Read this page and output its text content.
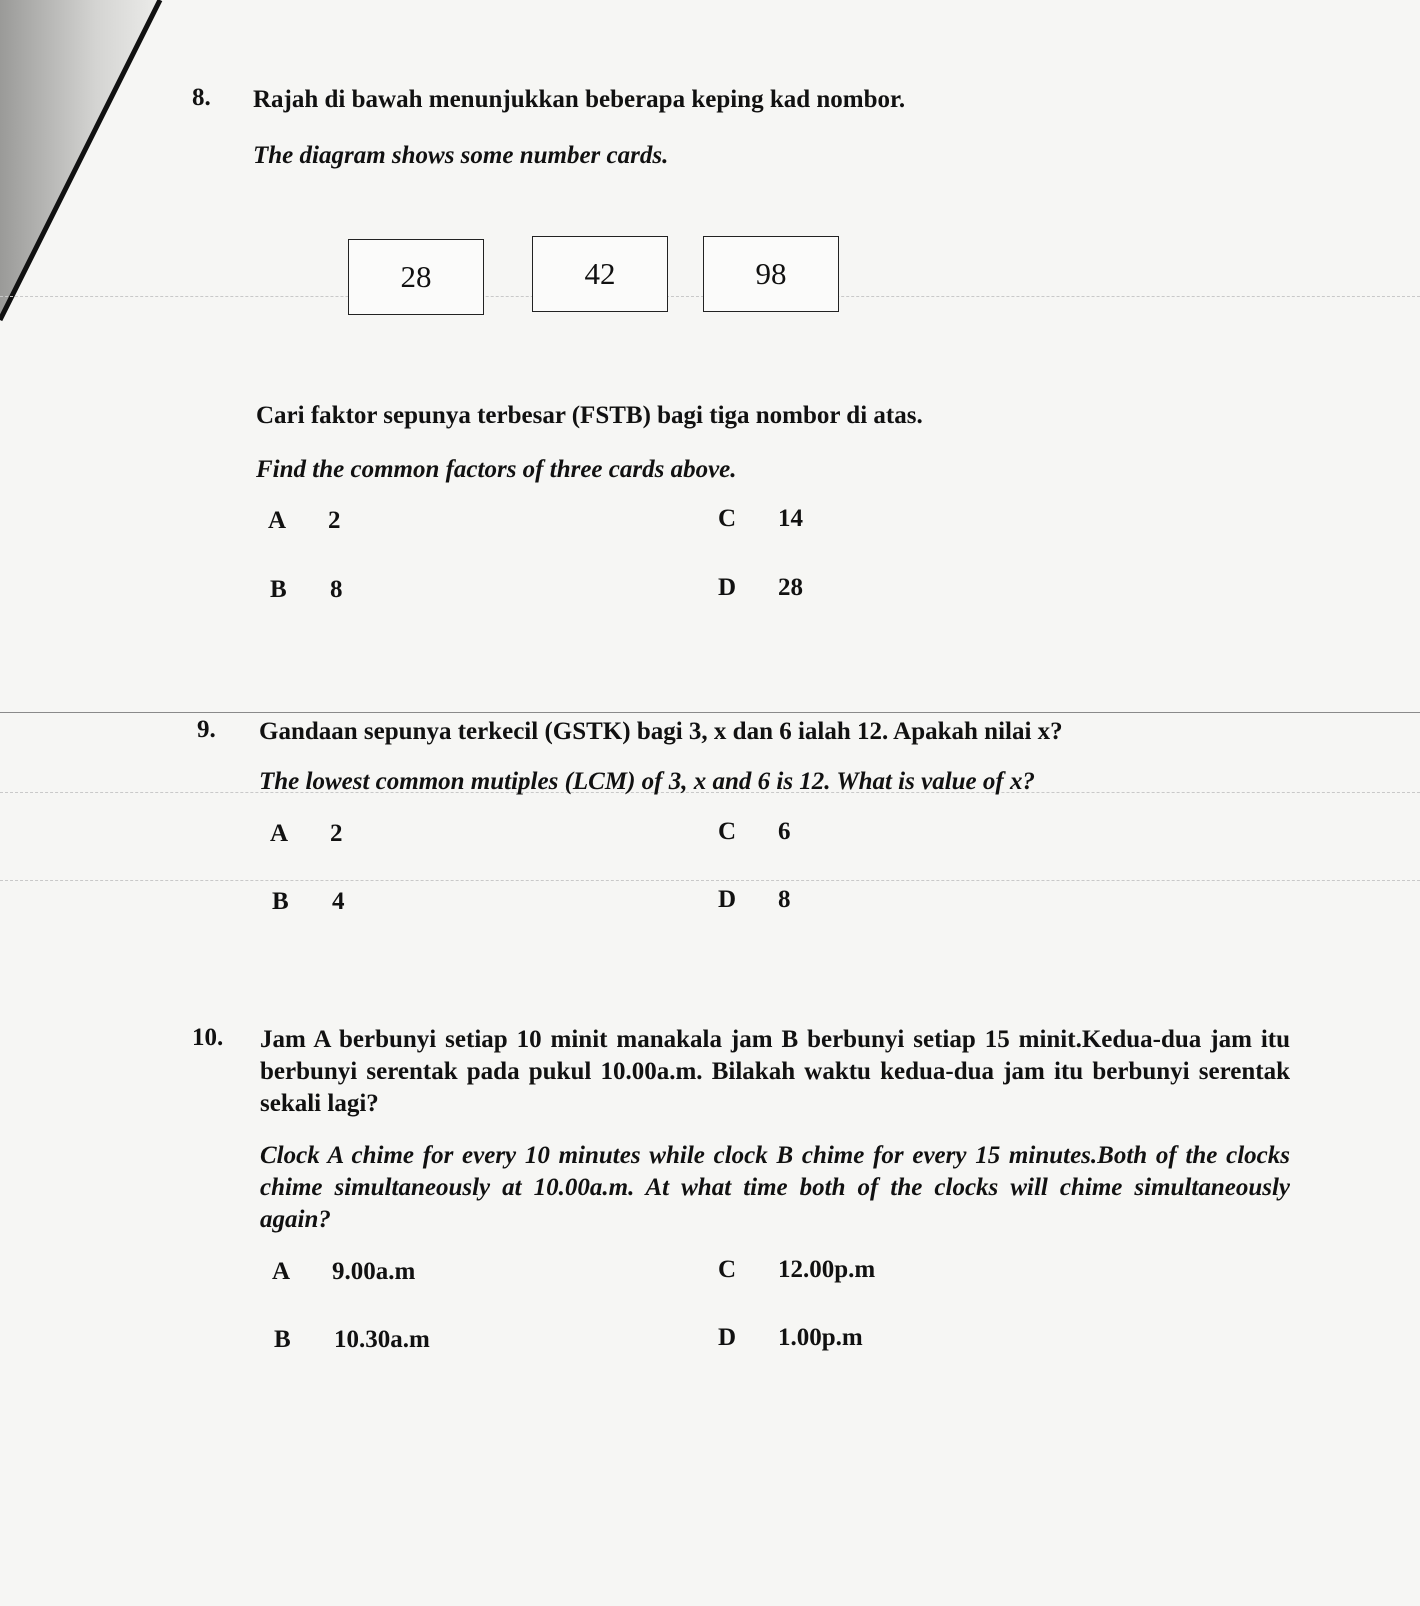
8. Rajah di bawah menunjukkan beberapa keping kad nombor.
The diagram shows some number cards.
28	42	98
Cari faktor sepunya terbesar (FSTB) bagi tiga nombor di atas.
Find the common factors of three cards above.
A 2
B 8
C 14
D 28
9. Gandaan sepunya terkecil (GSTK) bagi 3, x dan 6 ialah 12. Apakah nilai x?
The lowest common mutiples (LCM) of 3, x and 6 is 12. What is value of x?
A 2
B 4
C 6
D 8
10. Jam A berbunyi setiap 10 minit manakala jam B berbunyi setiap 15 minit.Kedua-dua jam itu berbunyi serentak pada pukul 10.00a.m. Bilakah waktu kedua-dua jam itu berbunyi serentak sekali lagi?
Clock A chime for every 10 minutes while clock B chime for every 15 minutes.Both of the clocks chime simultaneously at 10.00a.m. At what time both of the clocks will chime simultaneously again?
A 9.00a.m
B 10.30a.m
C 12.00p.m
D 1.00p.m
